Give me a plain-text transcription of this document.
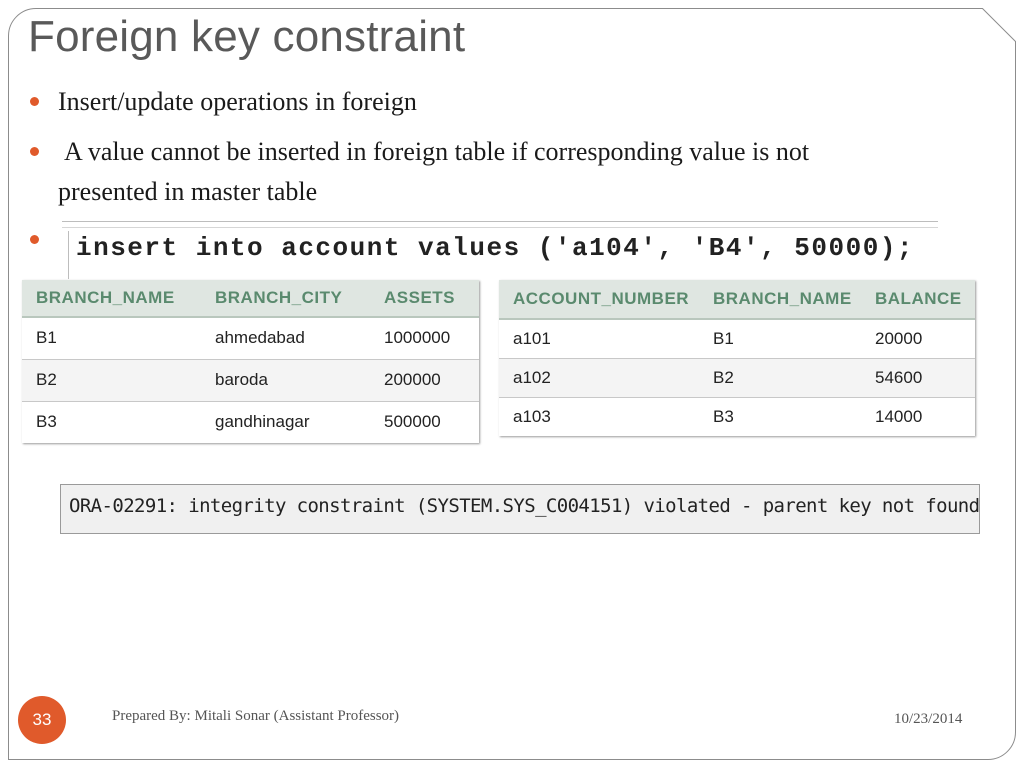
Foreign key constraint
Insert/update operations in foreign
A value cannot be inserted in foreign table if corresponding value is not
presented in master table
insert into account values ('a104', 'B4', 50000);
BRANCH_NAME	BRANCH_CITY	ASSETS
B1	ahmedabad	1000000
B2	baroda	200000
B3	gandhinagar	500000
ACCOUNT_NUMBER	BRANCH_NAME	BALANCE
a101	B1	20000
a102	B2	54600
a103	B3	14000
ORA-02291: integrity constraint (SYSTEM.SYS_C004151) violated - parent key not found
33	Prepared By: Mitali Sonar (Assistant Professor)	10/23/2014
